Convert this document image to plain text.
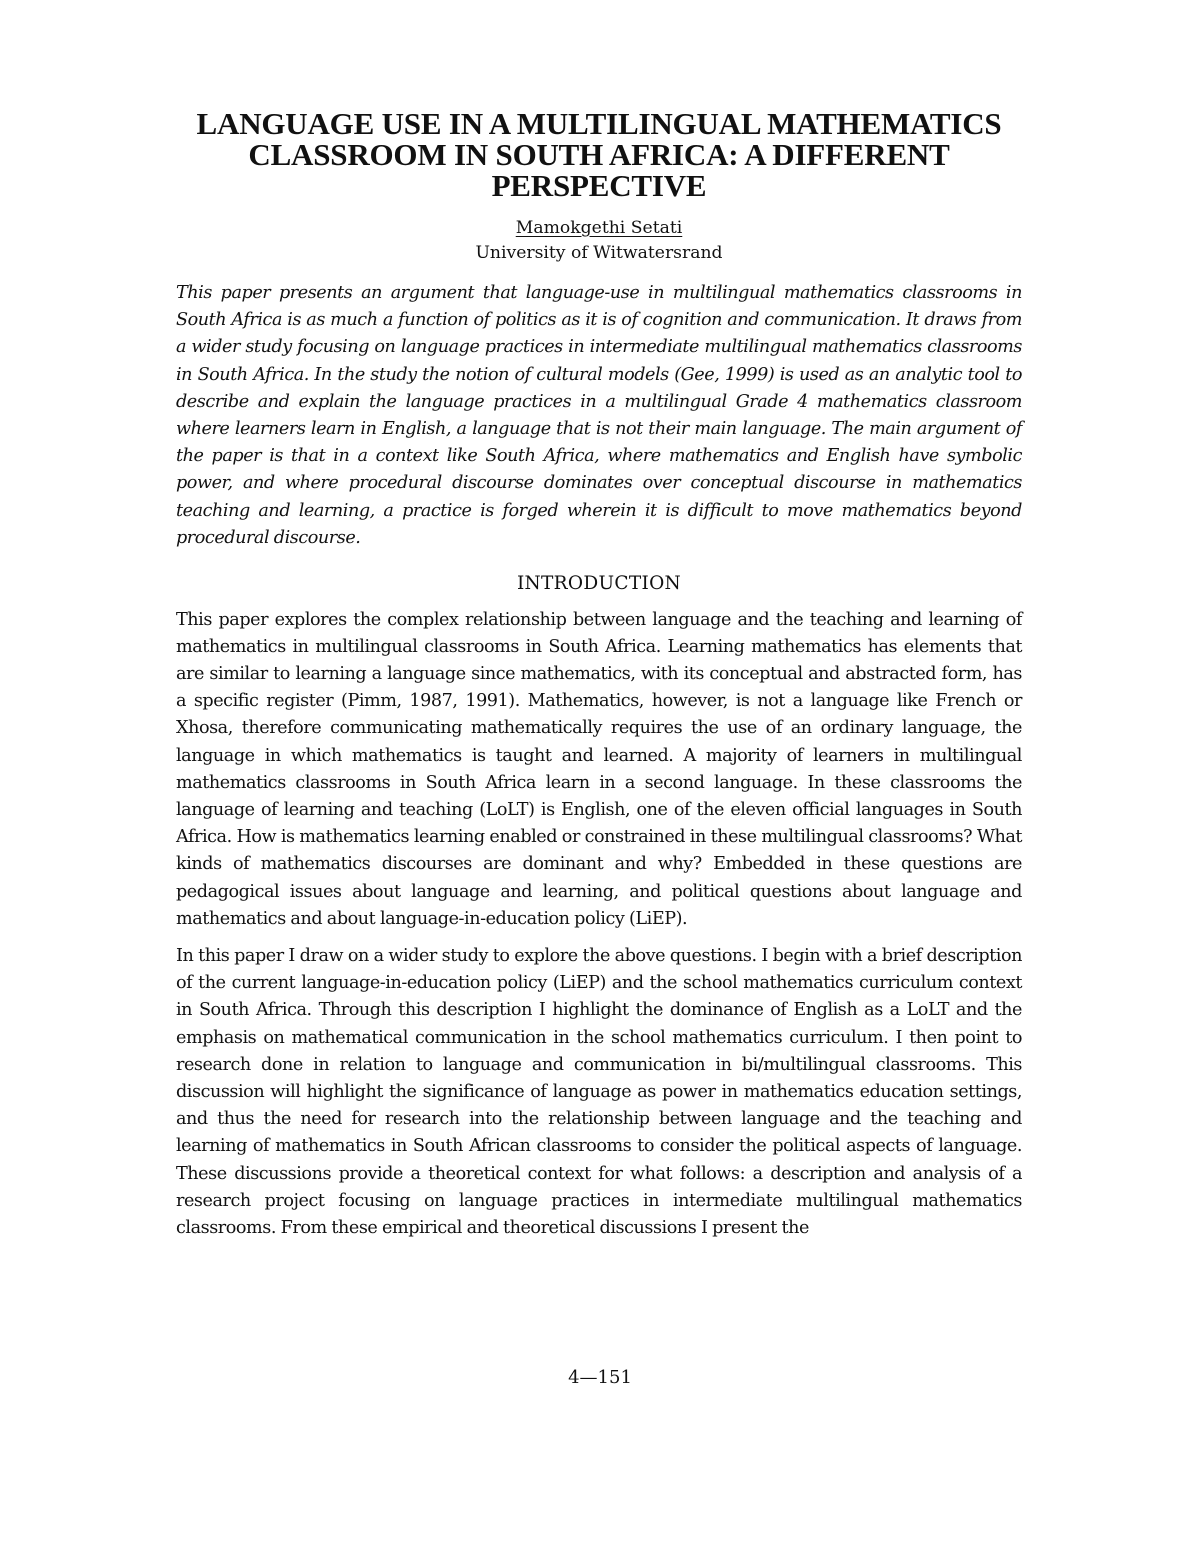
LANGUAGE USE IN A MULTILINGUAL MATHEMATICS CLASSROOM IN SOUTH AFRICA: A DIFFERENT PERSPECTIVE
Mamokgethi Setati
University of Witwatersrand

This paper presents an argument that language-use in multilingual mathematics classrooms in South Africa is as much a function of politics as it is of cognition and communication. It draws from a wider study focusing on language practices in intermediate multilingual mathematics classrooms in South Africa. In the study the notion of cultural models (Gee, 1999) is used as an analytic tool to describe and explain the language practices in a multilingual Grade 4 mathematics classroom where learners learn in English, a language that is not their main language. The main argument of the paper is that in a context like South Africa, where mathematics and English have symbolic power, and where procedural discourse dominates over conceptual discourse in mathematics teaching and learning, a practice is forged wherein it is difficult to move mathematics beyond procedural discourse.

INTRODUCTION

This paper explores the complex relationship between language and the teaching and learning of mathematics in multilingual classrooms in South Africa. Learning mathematics has elements that are similar to learning a language since mathematics, with its conceptual and abstracted form, has a specific register (Pimm, 1987, 1991). Mathematics, however, is not a language like French or Xhosa, therefore communicating mathematically requires the use of an ordinary language, the language in which mathematics is taught and learned. A majority of learners in multilingual mathematics classrooms in South Africa learn in a second language. In these classrooms the language of learning and teaching (LoLT) is English, one of the eleven official languages in South Africa. How is mathematics learning enabled or constrained in these multilingual classrooms? What kinds of mathematics discourses are dominant and why? Embedded in these questions are pedagogical issues about language and learning, and political questions about language and mathematics and about language-in-education policy (LiEP).

In this paper I draw on a wider study to explore the above questions. I begin with a brief description of the current language-in-education policy (LiEP) and the school mathematics curriculum context in South Africa. Through this description I highlight the dominance of English as a LoLT and the emphasis on mathematical communication in the school mathematics curriculum. I then point to research done in relation to language and communication in bi/multilingual classrooms. This discussion will highlight the significance of language as power in mathematics education settings, and thus the need for research into the relationship between language and the teaching and learning of mathematics in South African classrooms to consider the political aspects of language. These discussions provide a theoretical context for what follows: a description and analysis of a research project focusing on language practices in intermediate multilingual mathematics classrooms. From these empirical and theoretical discussions I present the

4—151
